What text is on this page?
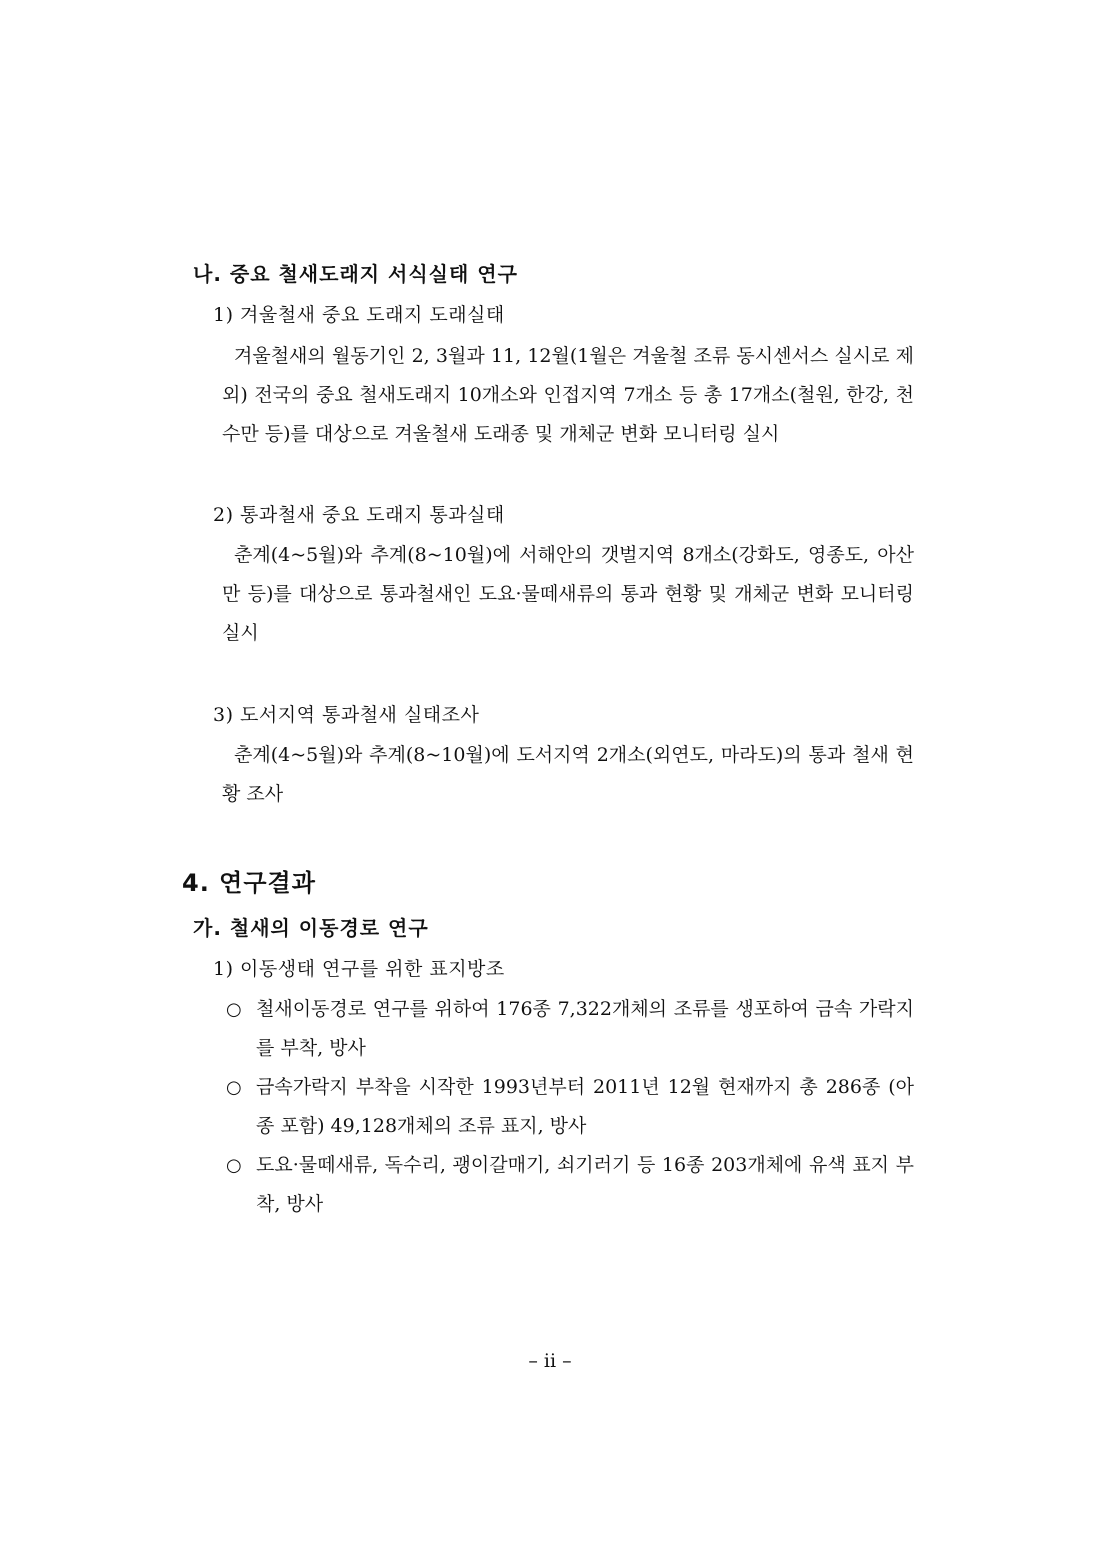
나. 중요 철새도래지 서식실태 연구
1) 겨울철새 중요 도래지 도래실태

겨울철새의 월동기인 2, 3월과 11, 12월(1월은 겨울철 조류 동시센서스 실시로 제외) 전국의 중요 철새도래지 10개소와 인접지역 7개소 등 총 17개소(철원, 한강, 천수만 등)를 대상으로 겨울철새 도래종 및 개체군 변화 모니터링 실시

2) 통과철새 중요 도래지 통과실태

춘계(4~5월)와 추계(8~10월)에 서해안의 갯벌지역 8개소(강화도, 영종도, 아산만 등)를 대상으로 통과철새인 도요·물떼새류의 통과 현황 및 개체군 변화 모니터링 실시

3) 도서지역 통과철새 실태조사

춘계(4~5월)와 추계(8~10월)에 도서지역 2개소(외연도, 마라도)의 통과 철새 현황 조사

4. 연구결과
가. 철새의 이동경로 연구
1) 이동생태 연구를 위한 표지방조
○ 철새이동경로 연구를 위하여 176종 7,322개체의 조류를 생포하여 금속 가락지를 부착, 방사
○ 금속가락지 부착을 시작한 1993년부터 2011년 12월 현재까지 총 286종 (아종 포함) 49,128개체의 조류 표지, 방사
○ 도요·물떼새류, 독수리, 괭이갈매기, 쇠기러기 등 16종 203개체에 유색 표지 부착, 방사
– ii –
